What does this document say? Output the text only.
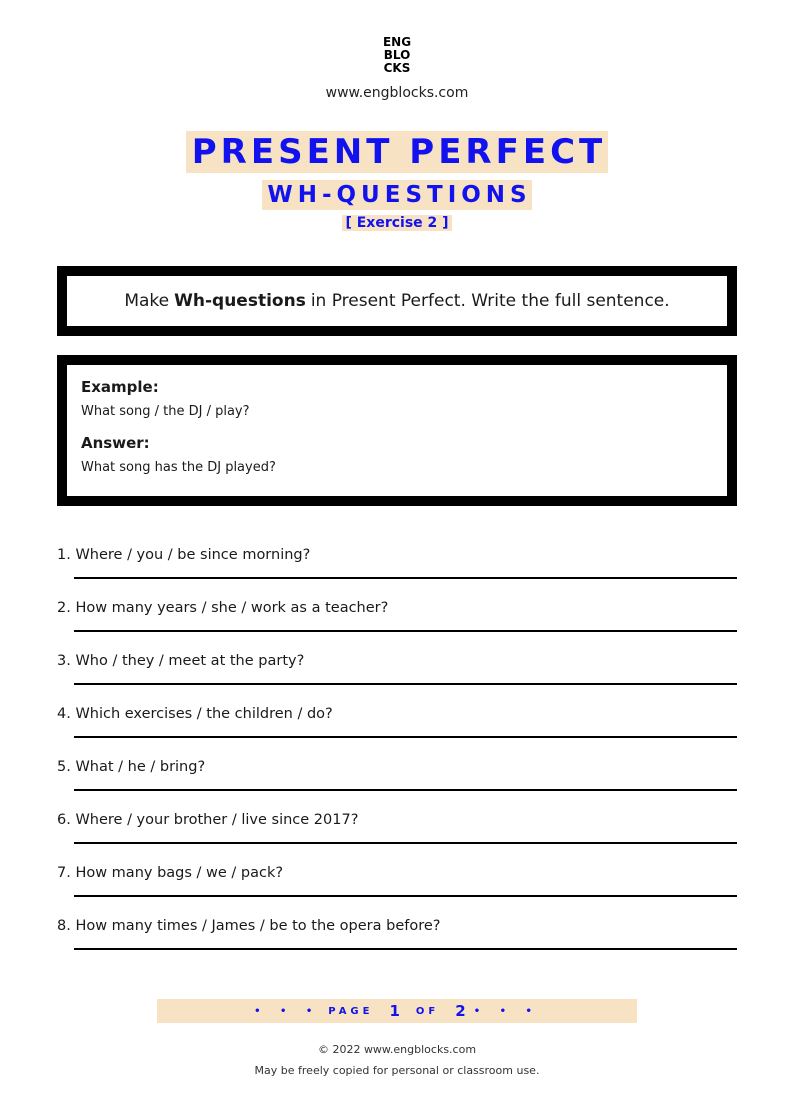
ENG
BLO
CKS
www.engblocks.com
PRESENT PERFECT
WH-QUESTIONS
[ Exercise 2 ]
Make Wh-questions in Present Perfect. Write the full sentence.

Example:

What song / the DJ / play?

Answer:

What song has the DJ played?

1. Where / you / be since morning?
2. How many years / she / work as a teacher?
3. Who / they / meet at the party?
4. Which exercises / the children / do?
5. What / he / bring?
6. Where / your brother / live since 2017?
7. How many bags / we / pack?
8. How many times / James / be to the opera before?
• • • PAGE 1 OF 2 • • •
© 2022 www.engblocks.com
May be freely copied for personal or classroom use.
